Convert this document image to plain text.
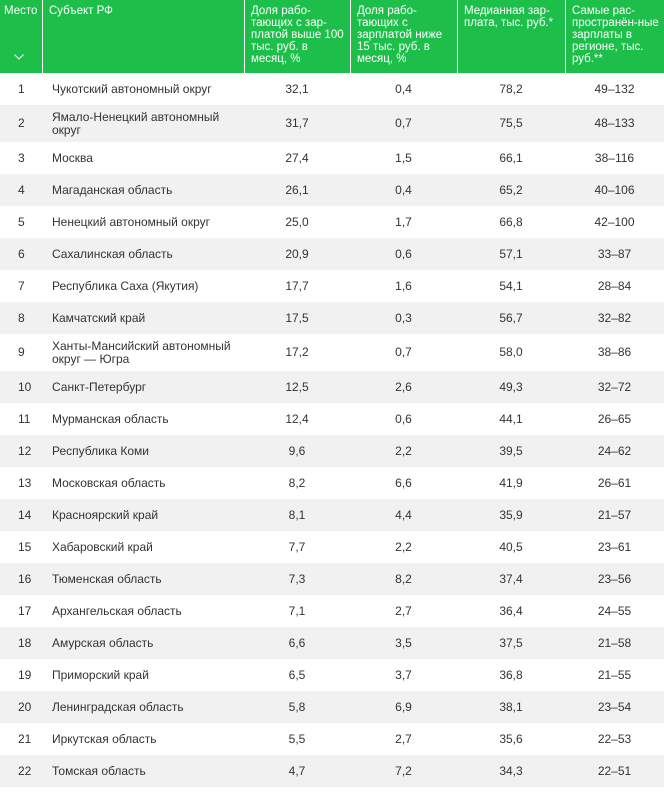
Место	Субъект РФ	Доля рабо-тающих с зар-платой выше 100 тыс. руб. в месяц, %	Доля рабо-тающих с зарплатой ниже 15 тыс. руб. в месяц, %	Медианная зар-плата, тыс. руб.*	Самые рас-пространён-ные зарплаты в регионе, тыс. руб.**
1	Чукотский автономный округ	32,1	0,4	78,2	49–132
2	Ямало-Ненецкий автономный округ	31,7	0,7	75,5	48–133
3	Москва	27,4	1,5	66,1	38–116
4	Магаданская область	26,1	0,4	65,2	40–106
5	Ненецкий автономный округ	25,0	1,7	66,8	42–100
6	Сахалинская область	20,9	0,6	57,1	33–87
7	Республика Саха (Якутия)	17,7	1,6	54,1	28–84
8	Камчатский край	17,5	0,3	56,7	32–82
9	Ханты-Мансийский автономный округ — Югра	17,2	0,7	58,0	38–86
10	Санкт-Петербург	12,5	2,6	49,3	32–72
11	Мурманская область	12,4	0,6	44,1	26–65
12	Республика Коми	9,6	2,2	39,5	24–62
13	Московская область	8,2	6,6	41,9	26–61
14	Красноярский край	8,1	4,4	35,9	21–57
15	Хабаровский край	7,7	2,2	40,5	23–61
16	Тюменская область	7,3	8,2	37,4	23–56
17	Архангельская область	7,1	2,7	36,4	24–55
18	Амурская область	6,6	3,5	37,5	21–58
19	Приморский край	6,5	3,7	36,8	21–55
20	Ленинградская область	5,8	6,9	38,1	23–54
21	Иркутская область	5,5	2,7	35,6	22–53
22	Томская область	4,7	7,2	34,3	22–51
